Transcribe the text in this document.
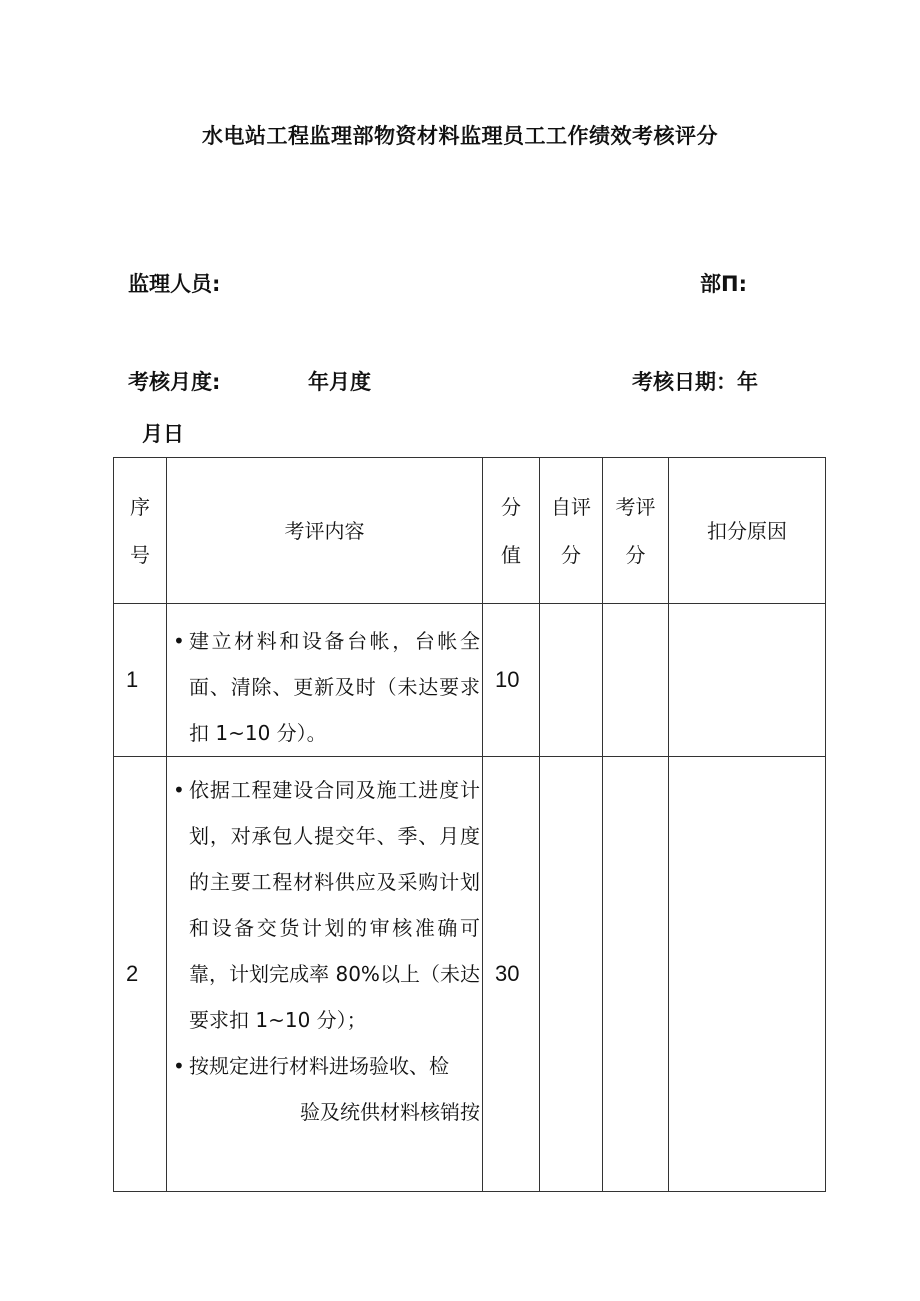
水电站工程监理部物资材料监理员工工作绩效考核评分
监理人员:	部Π:
考核月度:	年月度	考核日期：年
月日
序号	考评内容	分值	自评分	考评分	扣分原因
1	• 建立材料和设备台帐，台帐全面、清除、更新及时（未达要求扣 1~10 分）。	10			
2	• 依据工程建设合同及施工进度计划，对承包人提交年、季、月度的主要工程材料供应及采购计划和设备交货计划的审核准确可靠，计划完成率 80%以上（未达要求扣 1~10 分）；
• 按规定进行材料进场验收、检
验及统供材料核销按	30			
